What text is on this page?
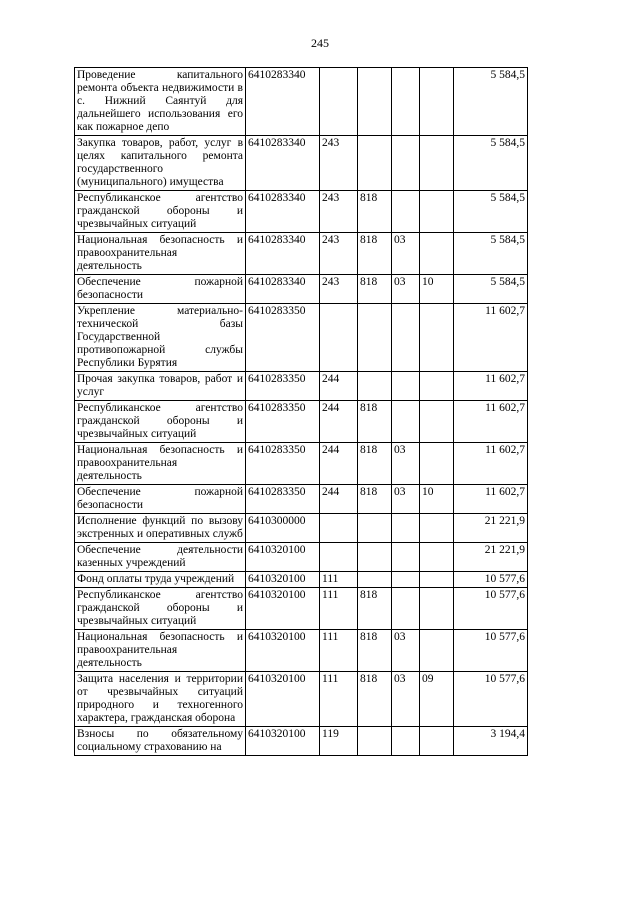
245
Проведение капитального ремонта объекта недвижимости в с. Нижний Саянтуй для дальнейшего использования его как пожарное депо	6410283340					5 584,5
Закупка товаров, работ, услуг в целях капитального ремонта государственного (муниципального) имущества	6410283340	243				5 584,5
Республиканское агентство гражданской обороны и чрезвычайных ситуаций	6410283340	243	818			5 584,5
Национальная безопасность и правоохранительная деятельность	6410283340	243	818	03		5 584,5
Обеспечение пожарной безопасности	6410283340	243	818	03	10	5 584,5
Укрепление материально-технической базы Государственной противопожарной службы Республики Бурятия	6410283350					11 602,7
Прочая закупка товаров, работ и услуг	6410283350	244				11 602,7
Республиканское агентство гражданской обороны и чрезвычайных ситуаций	6410283350	244	818			11 602,7
Национальная безопасность и правоохранительная деятельность	6410283350	244	818	03		11 602,7
Обеспечение пожарной безопасности	6410283350	244	818	03	10	11 602,7
Исполнение функций по вызову экстренных и оперативных служб	6410300000					21 221,9
Обеспечение деятельности казенных учреждений	6410320100					21 221,9
Фонд оплаты труда учреждений	6410320100	111				10 577,6
Республиканское агентство гражданской обороны и чрезвычайных ситуаций	6410320100	111	818			10 577,6
Национальная безопасность и правоохранительная деятельность	6410320100	111	818	03		10 577,6
Защита населения и территории от чрезвычайных ситуаций природного и техногенного характера, гражданская оборона	6410320100	111	818	03	09	10 577,6
Взносы по обязательному социальному страхованию на	6410320100	119				3 194,4
